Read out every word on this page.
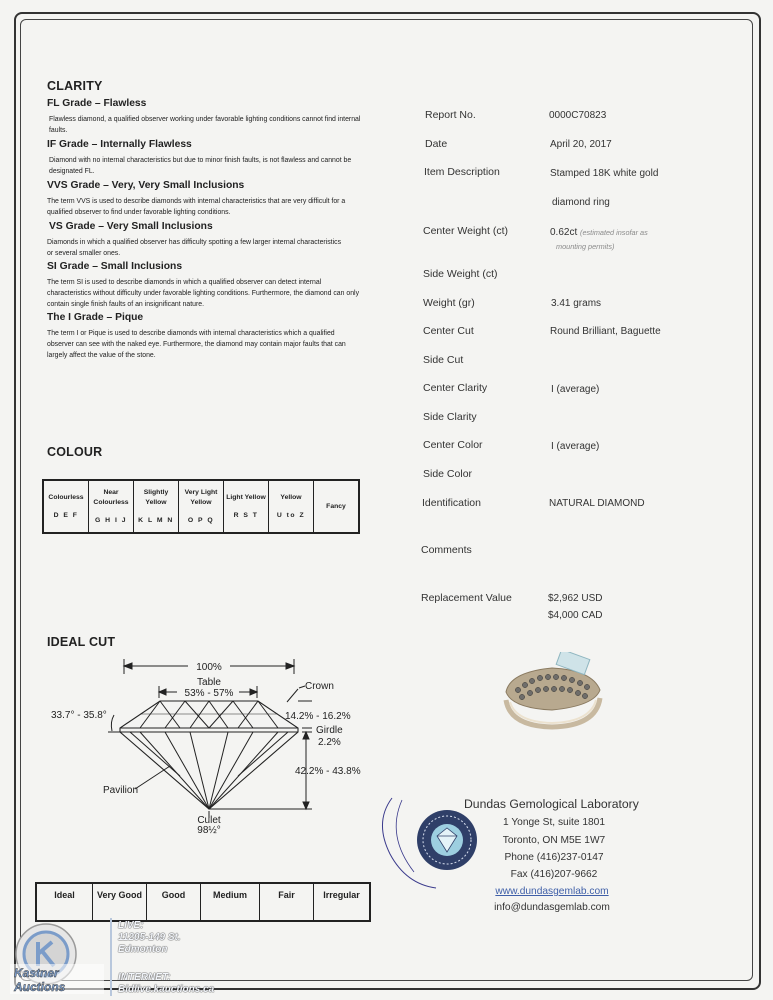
CLARITY
FL Grade – Flawless
Flawless diamond, a qualified observer working under favorable lighting conditions cannot find internal faults.
IF Grade – Internally Flawless
Diamond with no internal characteristics but due to minor finish faults, is not flawless and cannot be designated FL.
VVS Grade – Very, Very Small Inclusions
The term VVS is used to describe diamonds with internal characteristics that are very difficult for a qualified observer to find under favorable lighting conditions.
VS Grade – Very Small Inclusions
Diamonds in which a qualified observer has difficulty spotting a few larger internal characteristics or several smaller ones.
SI Grade – Small Inclusions
The term SI is used to describe diamonds in which a qualified observer can detect internal characteristics without difficulty under favorable lighting conditions. Furthermore, the diamond can only contain single finish faults of an insignificant nature.
The I Grade – Pique
The term I or Pique is used to describe diamonds with internal characteristics which a qualified observer can see with the naked eye. Furthermore, the diamond may contain major faults that can largely affect the value of the stone.
COLOUR
Colourless
D E F
	Near Colourless
G H I J
	Slightly Yellow
K L M N
	Very Light Yellow
O P Q
	Light Yellow
R S T
	Yellow
U to Z
	Fancy
IDEAL CUT
100%
Table
53% - 57%
Crown
33.7° - 35.8°	14.2% - 16.2%
Girdle
2.2%
42.2% - 43.8%
Pavilion
Culet
98½°
Ideal	Very Good	Good	Medium	Fair	Irregular
Report No.	0000C70823
Date	April 20, 2017
Item Description	Stamped 18K white gold
diamond ring
Center Weight (ct)	0.62ct (estimated insofar as
mounting permits)
Side Weight (ct)
Weight (gr)	3.41 grams
Center Cut	Round Brilliant, Baguette
Side Cut
Center Clarity	I (average)
Side Clarity
Center Color	I (average)
Side Color
Identification	NATURAL DIAMOND
Comments
Replacement Value	$2,962 USD
$4,000 CAD
Dundas Gemological Laboratory
1 Yonge St, suite 1801
Toronto, ON M5E 1W7
Phone (416)237-0147
Fax (416)207-9662
www.dundasgemlab.com
info@dundasgemlab.com
Kastner
Auctions
LIVE:
11205-149 St.
Edmonton
INTERNET:
Bidlive.kauctions.ca
